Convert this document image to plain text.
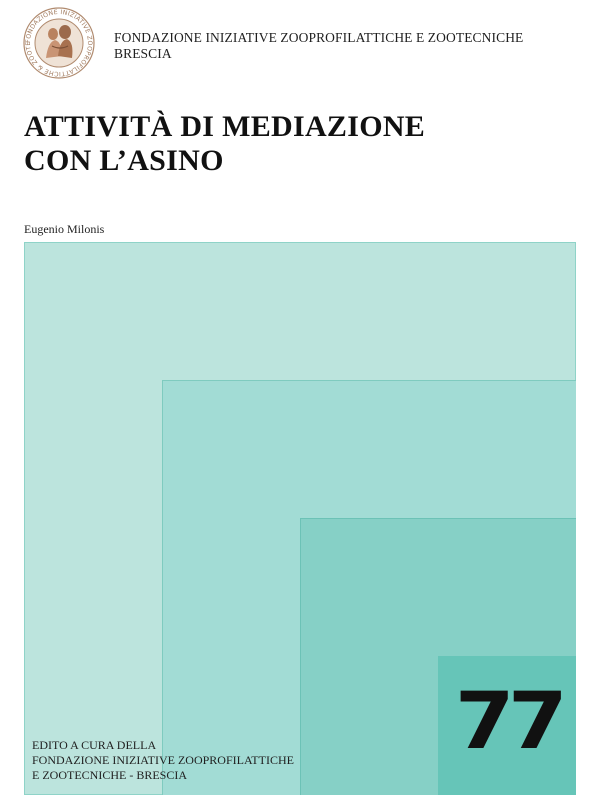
FONDAZIONE INIZIATIVE ZOOPROFILATTICHE & ZOOTE	FONDAZIONE INIZIATIVE ZOOPROFILATTICHE E ZOOTECNICHE
BRESCIA
ATTIVITÀ DI MEDIAZIONE
CON L’ASINO
Eugenio Milonis
77
EDITO A CURA DELLA
FONDAZIONE INIZIATIVE ZOOPROFILATTICHE
E ZOOTECNICHE - BRESCIA
